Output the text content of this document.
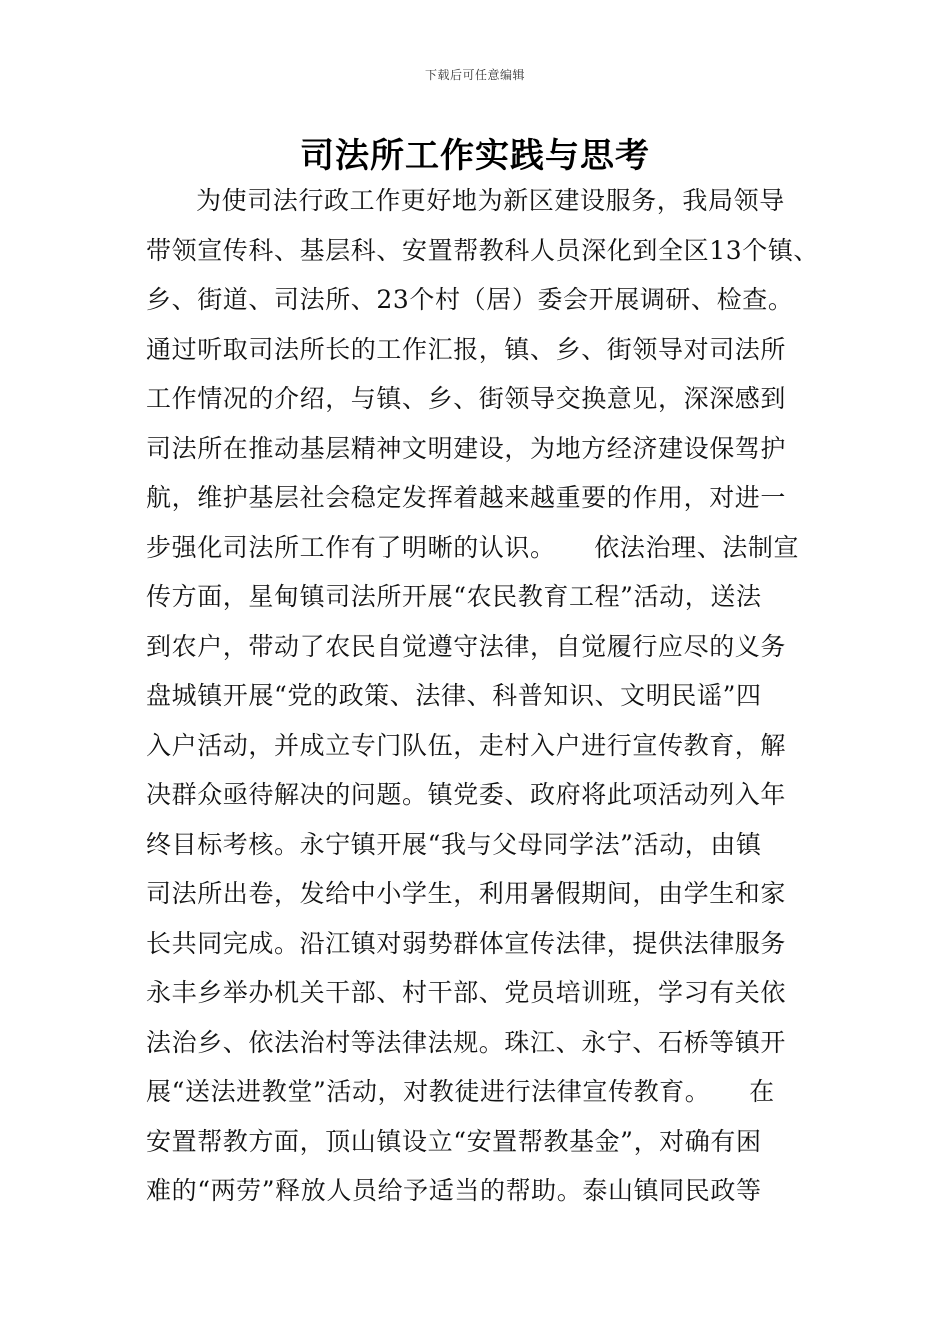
下载后可任意编辑
司法所工作实践与思考
为使司法行政工作更好地为新区建设服务，我局领导
带领宣传科、基层科、安置帮教科人员深化到全区13个镇、
乡、街道、司法所、23个村（居）委会开展调研、检查。
通过听取司法所长的工作汇报，镇、乡、街领导对司法所
工作情况的介绍，与镇、乡、街领导交换意见，深深感到
司法所在推动基层精神文明建设，为地方经济建设保驾护
航，维护基层社会稳定发挥着越来越重要的作用，对进一
步强化司法所工作有了明晰的认识。　　依法治理、法制宣
传方面，星甸镇司法所开展“农民教育工程”活动，送法
到农户，带动了农民自觉遵守法律，自觉履行应尽的义务
盘城镇开展“党的政策、法律、科普知识、文明民谣”四
入户活动，并成立专门队伍，走村入户进行宣传教育，解
决群众亟待解决的问题。镇党委、政府将此项活动列入年
终目标考核。永宁镇开展“我与父母同学法”活动，由镇
司法所出卷，发给中小学生，利用暑假期间，由学生和家
长共同完成。沿江镇对弱势群体宣传法律，提供法律服务
永丰乡举办机关干部、村干部、党员培训班，学习有关依
法治乡、依法治村等法律法规。珠江、永宁、石桥等镇开
展“送法进教堂”活动，对教徒进行法律宣传教育。　　在
安置帮教方面，顶山镇设立“安置帮教基金”，对确有困
难的“两劳”释放人员给予适当的帮助。泰山镇同民政等
